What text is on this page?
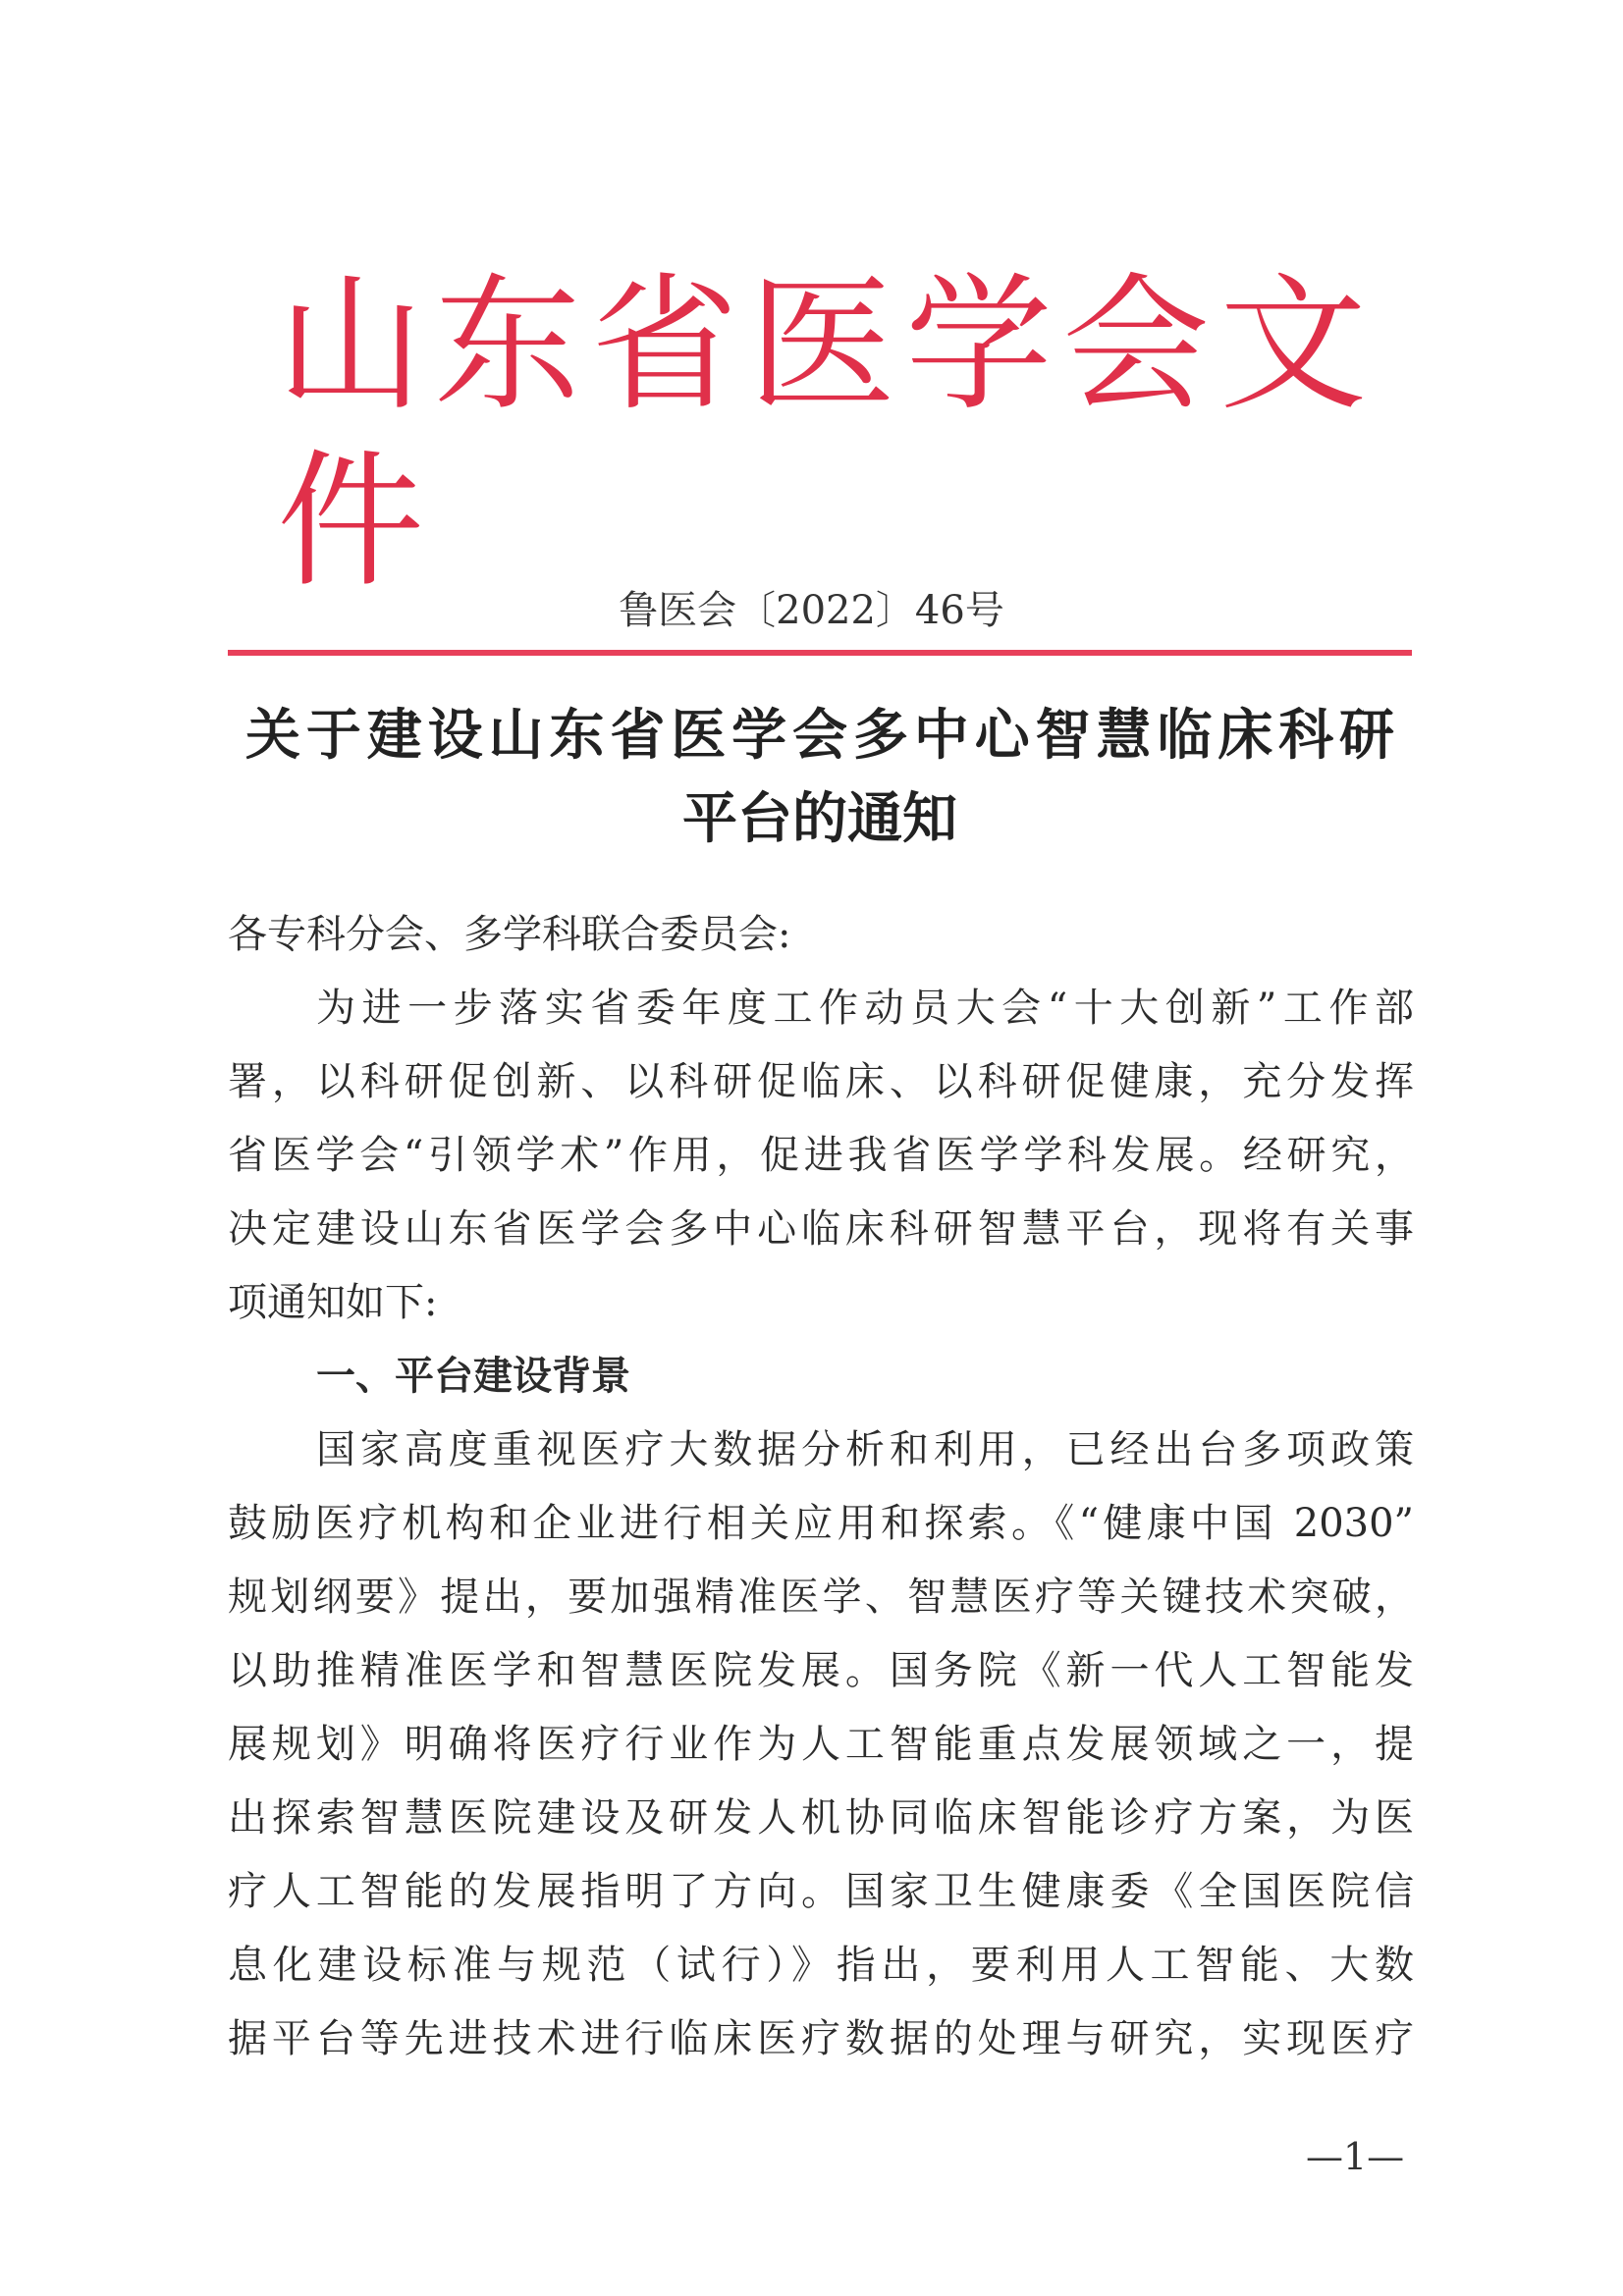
山东省医学会文件
鲁医会〔2022〕46号
关于建设山东省医学会多中心智慧临床科研
平台的通知
各专科分会、多学科联合委员会:
为进一步落实省委年度工作动员大会“十大创新”工作部
署，以科研促创新、以科研促临床、以科研促健康，充分发挥
省医学会“引领学术”作用，促进我省医学学科发展。经研究，
决定建设山东省医学会多中心临床科研智慧平台，现将有关事
项通知如下:
一、平台建设背景
国家高度重视医疗大数据分析和利用，已经出台多项政策
鼓励医疗机构和企业进行相关应用和探索。《“健康中国 2030”
规划纲要》提出，要加强精准医学、智慧医疗等关键技术突破，
以助推精准医学和智慧医院发展。国务院《新一代人工智能发
展规划》明确将医疗行业作为人工智能重点发展领域之一，提
出探索智慧医院建设及研发人机协同临床智能诊疗方案，为医
疗人工智能的发展指明了方向。国家卫生健康委《全国医院信
息化建设标准与规范（试行）》指出，要利用人工智能、大数
据平台等先进技术进行临床医疗数据的处理与研究，实现医疗
—1—
